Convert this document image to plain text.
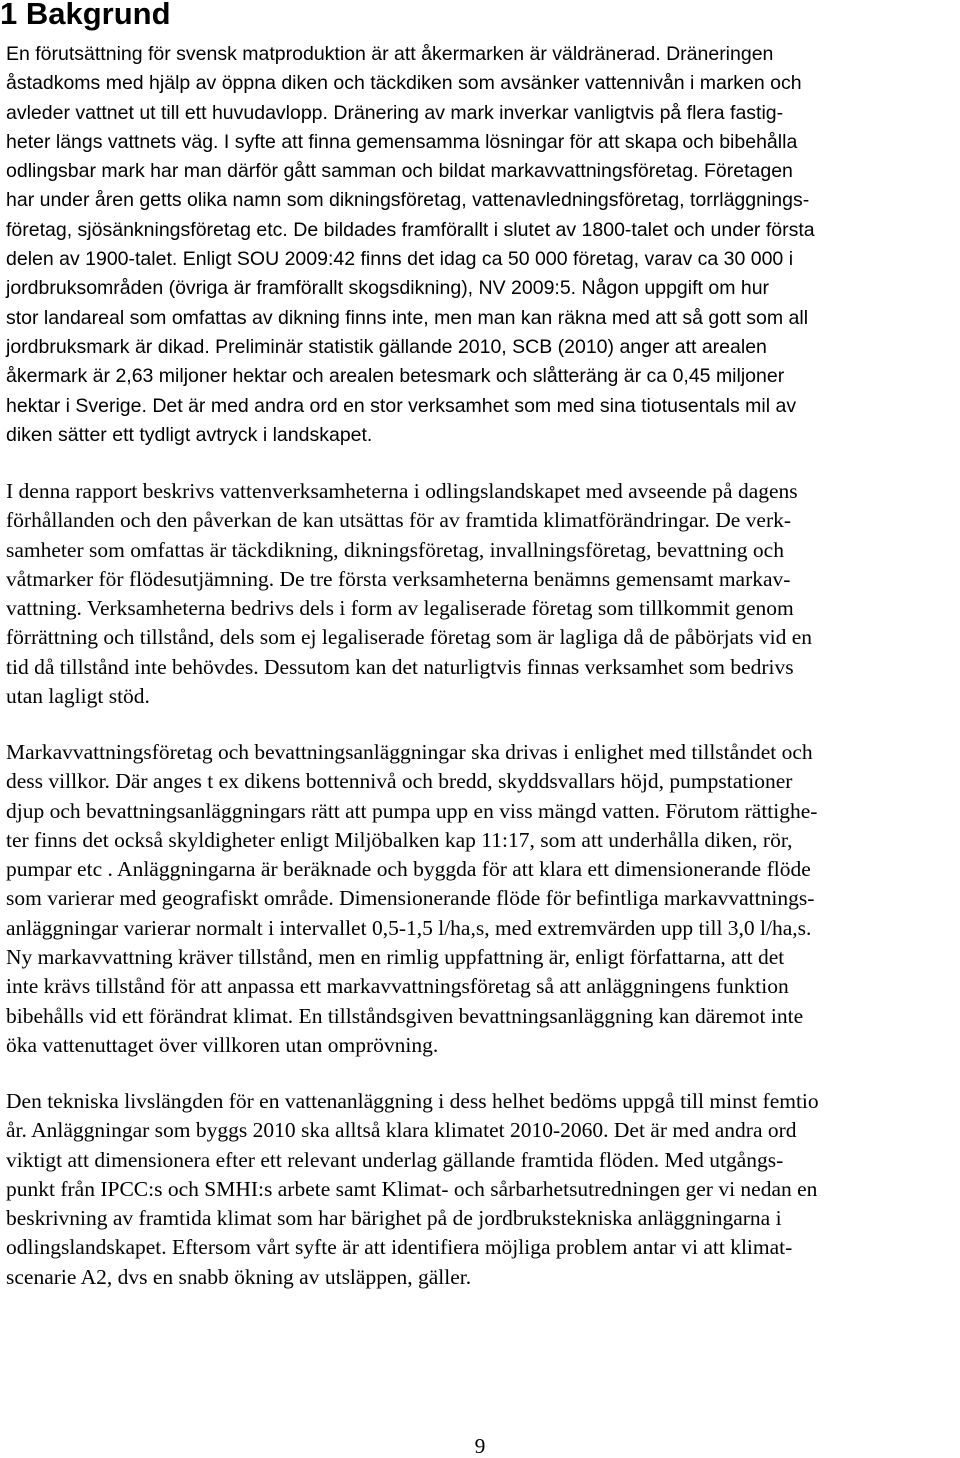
1 Bakgrund

En förutsättning för svensk matproduktion är att åkermarken är väldränerad. Dräneringen
åstadkoms med hjälp av öppna diken och täckdiken som avsänker vattennivån i marken och
avleder vattnet ut till ett huvudavlopp. Dränering av mark inverkar vanligtvis på flera fastig-
heter längs vattnets väg. I syfte att finna gemensamma lösningar för att skapa och bibehålla
odlingsbar mark har man därför gått samman och bildat markavvattningsföretag. Företagen
har under åren getts olika namn som dikningsföretag, vattenavledningsföretag, torrläggnings-
företag, sjösänkningsföretag etc. De bildades framförallt i slutet av 1800-talet och under första
delen av 1900-talet. Enligt SOU 2009:42 finns det idag ca 50 000 företag, varav ca 30 000 i
jordbruksområden (övriga är framförallt skogsdikning), NV 2009:5. Någon uppgift om hur
stor landareal som omfattas av dikning finns inte, men man kan räkna med att så gott som all
jordbruksmark är dikad. Preliminär statistik gällande 2010, SCB (2010) anger att arealen
åkermark är 2,63 miljoner hektar och arealen betesmark och slåtteräng är ca 0,45 miljoner
hektar i Sverige. Det är med andra ord en stor verksamhet som med sina tiotusentals mil av
diken sätter ett tydligt avtryck i landskapet.

I denna rapport beskrivs vattenverksamheterna i odlingslandskapet med avseende på dagens
förhållanden och den påverkan de kan utsättas för av framtida klimatförändringar. De verk-
samheter som omfattas är täckdikning, dikningsföretag, invallningsföretag, bevattning och
våtmarker för flödesutjämning. De tre första verksamheterna benämns gemensamt markav-
vattning. Verksamheterna bedrivs dels i form av legaliserade företag som tillkommit genom
förrättning och tillstånd, dels som ej legaliserade företag som är lagliga då de påbörjats vid en
tid då tillstånd inte behövdes. Dessutom kan det naturligtvis finnas verksamhet som bedrivs
utan lagligt stöd.

Markavvattningsföretag och bevattningsanläggningar ska drivas i enlighet med tillståndet och
dess villkor. Där anges t ex dikens bottennivå och bredd, skyddsvallars höjd, pumpstationer
djup och bevattningsanläggningars rätt att pumpa upp en viss mängd vatten. Förutom rättighe-
ter finns det också skyldigheter enligt Miljöbalken kap 11:17, som att underhålla diken, rör,
pumpar etc . Anläggningarna är beräknade och byggda för att klara ett dimensionerande flöde
som varierar med geografiskt område. Dimensionerande flöde för befintliga markavvattnings-
anläggningar varierar normalt i intervallet 0,5-1,5 l/ha,s, med extremvärden upp till 3,0 l/ha,s.
Ny markavvattning kräver tillstånd, men en rimlig uppfattning är, enligt författarna, att det
inte krävs tillstånd för att anpassa ett markavvattningsföretag så att anläggningens funktion
bibehålls vid ett förändrat klimat. En tillståndsgiven bevattningsanläggning kan däremot inte
öka vattenuttaget över villkoren utan omprövning.

Den tekniska livslängden för en vattenanläggning i dess helhet bedöms uppgå till minst femtio
år. Anläggningar som byggs 2010 ska alltså klara klimatet 2010-2060. Det är med andra ord
viktigt att dimensionera efter ett relevant underlag gällande framtida flöden. Med utgångs-
punkt från IPCC:s och SMHI:s arbete samt Klimat- och sårbarhetsutredningen ger vi nedan en
beskrivning av framtida klimat som har bärighet på de jordbrukstekniska anläggningarna i
odlingslandskapet. Eftersom vårt syfte är att identifiera möjliga problem antar vi att klimat-
scenarie A2, dvs en snabb ökning av utsläppen, gäller.

9
